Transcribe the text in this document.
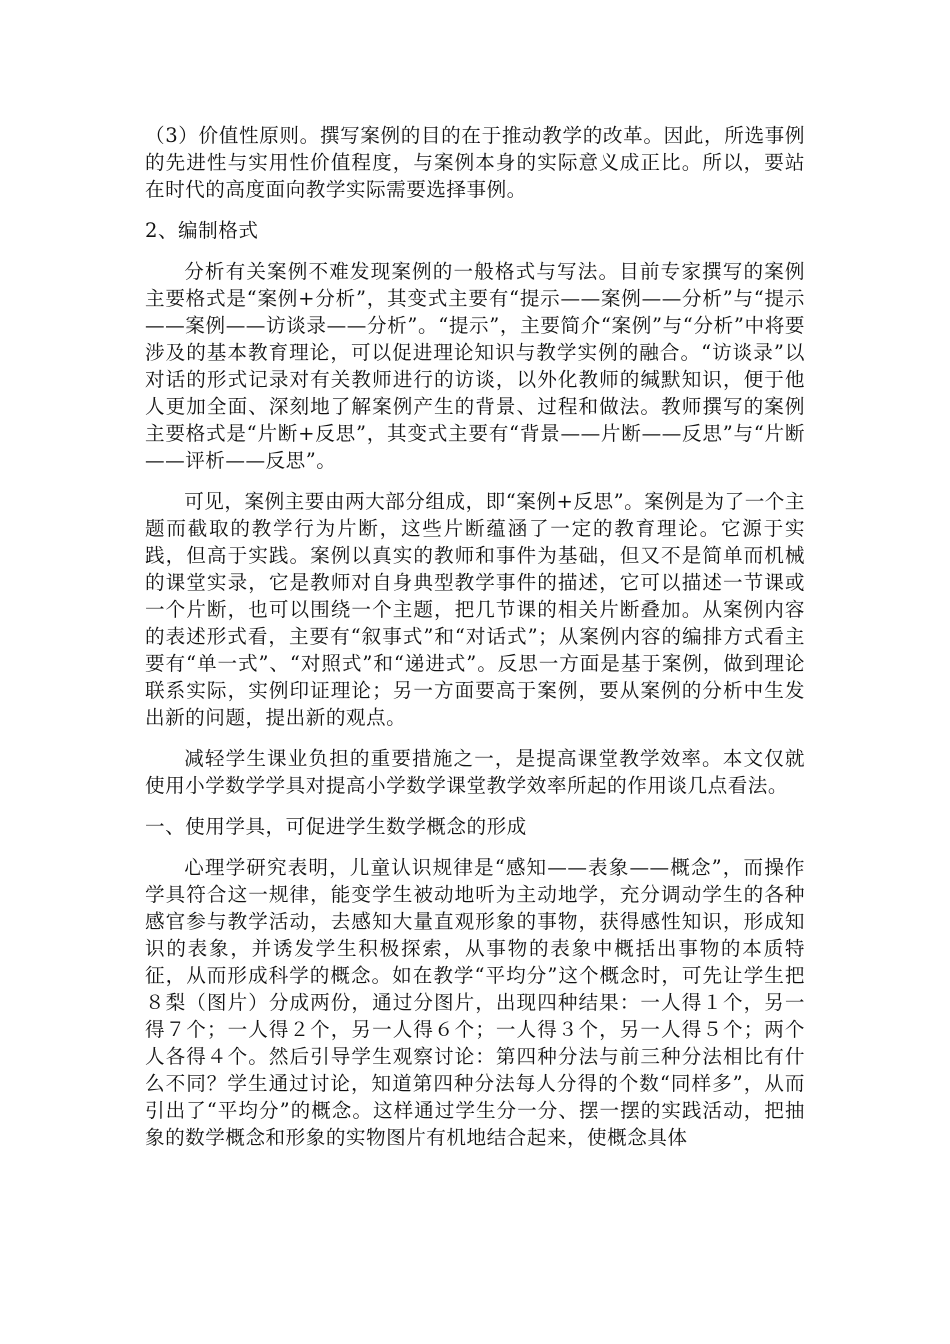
（3）价值性原则。撰写案例的目的在于推动教学的改革。因此，所选事例的先进性与实用性价值程度，与案例本身的实际意义成正比。所以，要站在时代的高度面向教学实际需要选择事例。

2、编制格式

分析有关案例不难发现案例的一般格式与写法。目前专家撰写的案例主要格式是“案例+分析”，其变式主要有“提示——案例——分析”与“提示——案例——访谈录——分析”。“提示”，主要简介“案例”与“分析”中将要涉及的基本教育理论，可以促进理论知识与教学实例的融合。“访谈录”以对话的形式记录对有关教师进行的访谈，以外化教师的缄默知识，便于他人更加全面、深刻地了解案例产生的背景、过程和做法。教师撰写的案例主要格式是“片断+反思”，其变式主要有“背景——片断——反思”与“片断——评析——反思”。

可见，案例主要由两大部分组成，即“案例+反思”。案例是为了一个主题而截取的教学行为片断，这些片断蕴涵了一定的教育理论。它源于实践，但高于实践。案例以真实的教师和事件为基础，但又不是简单而机械的课堂实录，它是教师对自身典型教学事件的描述，它可以描述一节课或一个片断，也可以围绕一个主题，把几节课的相关片断叠加。从案例内容的表述形式看，主要有“叙事式”和“对话式”；从案例内容的编排方式看主要有“单一式”、“对照式”和“递进式”。反思一方面是基于案例，做到理论联系实际，实例印证理论；另一方面要高于案例，要从案例的分析中生发出新的问题，提出新的观点。

减轻学生课业负担的重要措施之一，是提高课堂教学效率。本文仅就使用小学数学学具对提高小学数学课堂教学效率所起的作用谈几点看法。

一、使用学具，可促进学生数学概念的形成

心理学研究表明，儿童认识规律是“感知——表象——概念”，而操作学具符合这一规律，能变学生被动地听为主动地学，充分调动学生的各种感官参与教学活动，去感知大量直观形象的事物，获得感性知识，形成知识的表象，并诱发学生积极探索，从事物的表象中概括出事物的本质特征，从而形成科学的概念。如在教学“平均分”这个概念时，可先让学生把８梨（图片）分成两份，通过分图片，出现四种结果：一人得１个，另一得７个；一人得２个，另一人得６个；一人得３个，另一人得５个；两个人各得４个。然后引导学生观察讨论：第四种分法与前三种分法相比有什么不同？学生通过讨论，知道第四种分法每人分得的个数“同样多”，从而引出了“平均分”的概念。这样通过学生分一分、摆一摆的实践活动，把抽象的数学概念和形象的实物图片有机地结合起来，使概念具体
